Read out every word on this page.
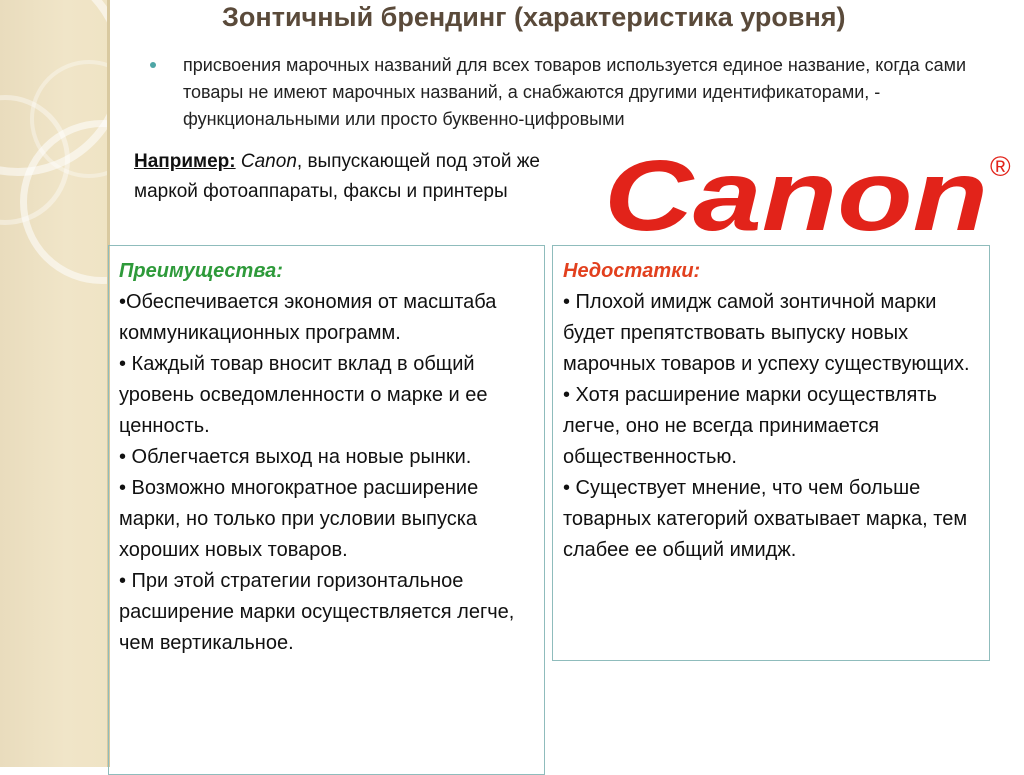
Зонтичный брендинг (характеристика уровня)
присвоения марочных названий для всех товаров используется единое название, когда сами товары не имеют марочных названий, а снабжаются другими идентификаторами, - функциональными или просто буквенно-цифровыми
Например: Canon, выпускающей под этой же маркой фотоаппараты, факсы и принтеры Canon ®
Преимущества:

•Обеспечивается экономия от масштаба коммуникационных программ.

• Каждый товар вносит вклад в общий уровень осведомленности о марке и ее ценность.

• Облегчается выход на новые рынки.

• Возможно многократное расширение марки, но только при условии выпуска хороших новых товаров.

• При этой стратегии горизонтальное расширение марки осуществляется легче, чем вертикальное.

Недостатки:

• Плохой имидж самой зонтичной марки будет препятствовать выпуску новых марочных товаров и успеху существующих.

• Хотя расширение марки осуществлять легче, оно не всегда принимается общественностью.

• Существует мнение, что чем больше товарных категорий охватывает марка, тем слабее ее общий имидж.
